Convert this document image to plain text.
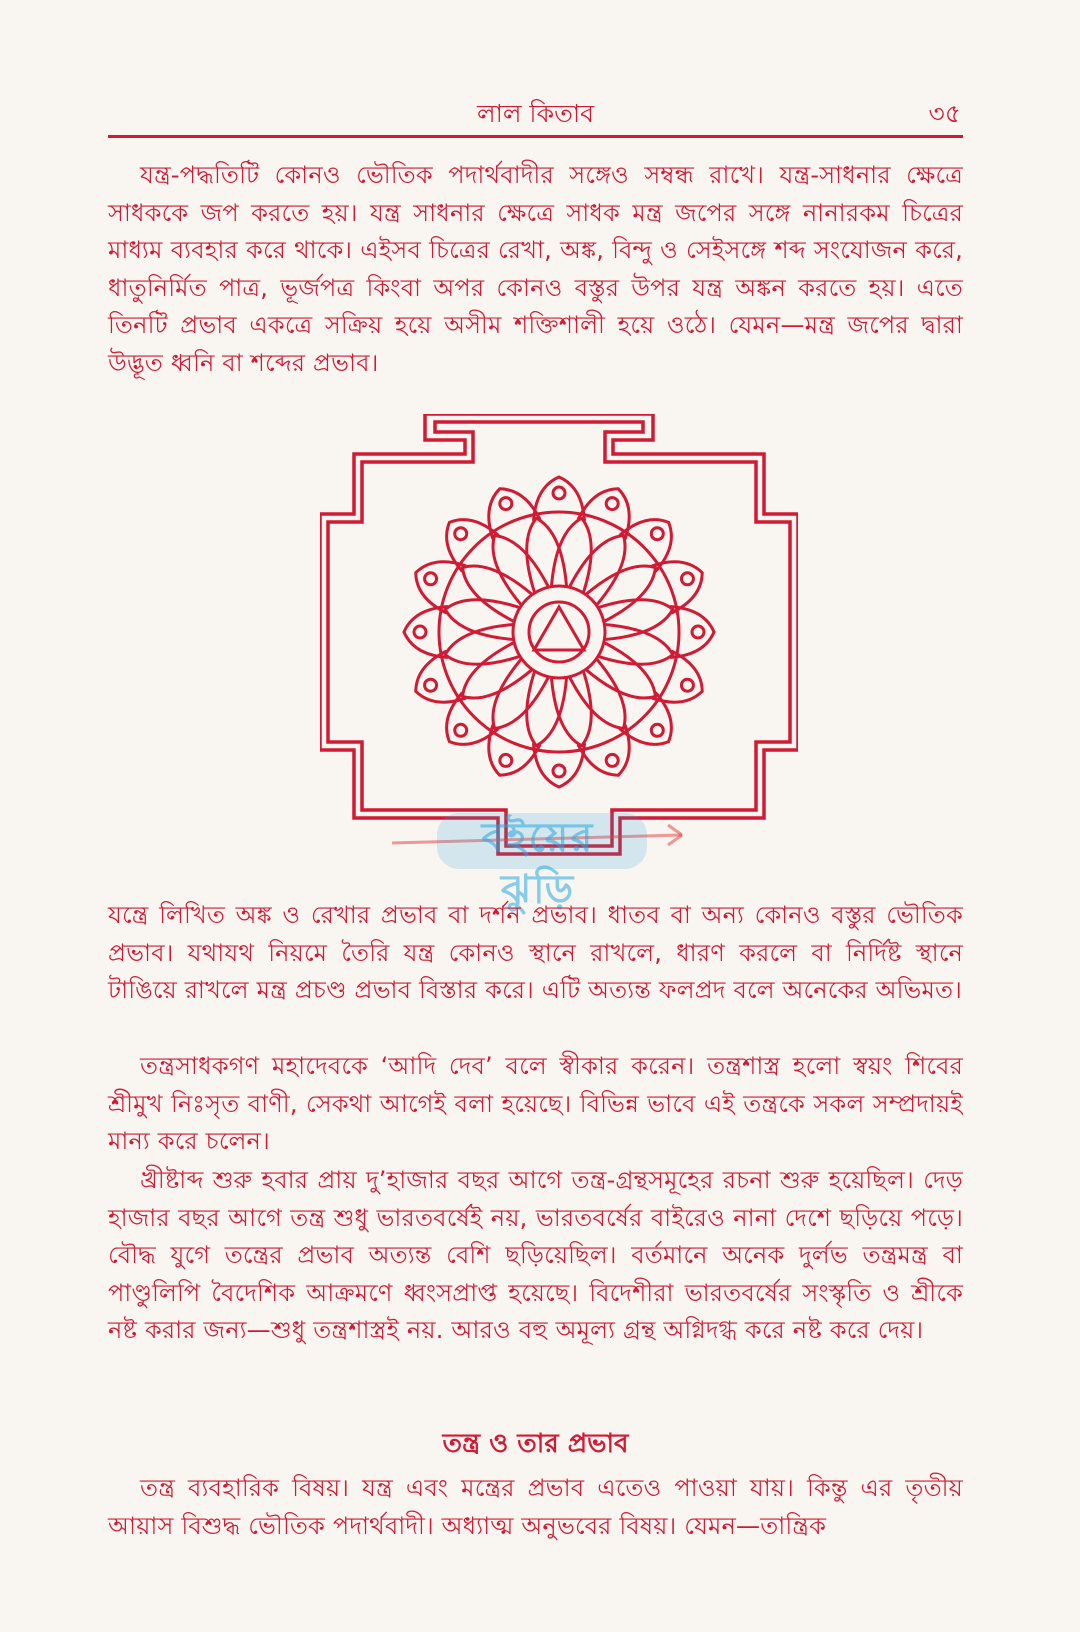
লাল কিতাব	৩৫

যন্ত্র-পদ্ধতিটি কোনও ভৌতিক পদার্থবাদীর সঙ্গেও সম্বন্ধ রাখে। যন্ত্র-সাধনার ক্ষেত্রে সাধককে জপ করতে হয়। যন্ত্র সাধনার ক্ষেত্রে সাধক মন্ত্র জপের সঙ্গে নানারকম চিত্রের মাধ্যম ব্যবহার করে থাকে। এইসব চিত্রের রেখা, অঙ্ক, বিন্দু ও সেইসঙ্গে শব্দ সংযোজন করে, ধাতুনির্মিত পাত্র, ভূর্জপত্র কিংবা অপর কোনও বস্তুর উপর যন্ত্র অঙ্কন করতে হয়। এতে তিনটি প্রভাব একত্রে সক্রিয় হয়ে অসীম শক্তিশালী হয়ে ওঠে। যেমন—মন্ত্র জপের দ্বারা উদ্ভূত ধ্বনি বা শব্দের প্রভাব।

বইয়ের ঝুড়ি

যন্ত্রে লিখিত অঙ্ক ও রেখার প্রভাব বা দর্শন প্রভাব। ধাতব বা অন্য কোনও বস্তুর ভৌতিক প্রভাব। যথাযথ নিয়মে তৈরি যন্ত্র কোনও স্থানে রাখলে, ধারণ করলে বা নির্দিষ্ট স্থানে টাঙিয়ে রাখলে মন্ত্র প্রচণ্ড প্রভাব বিস্তার করে। এটি অত্যন্ত ফলপ্রদ বলে অনেকের অভিমত।

তন্ত্রসাধকগণ মহাদেবকে ‘আদি দেব’ বলে স্বীকার করেন। তন্ত্রশাস্ত্র হলো স্বয়ং শিবের শ্রীমুখ নিঃসৃত বাণী, সেকথা আগেই বলা হয়েছে। বিভিন্ন ভাবে এই তন্ত্রকে সকল সম্প্রদায়ই মান্য করে চলেন।

খ্রীষ্টাব্দ শুরু হবার প্রায় দু’হাজার বছর আগে তন্ত্র-গ্রন্থসমূহের রচনা শুরু হয়েছিল। দেড় হাজার বছর আগে তন্ত্র শুধু ভারতবর্ষেই নয়, ভারতবর্ষের বাইরেও নানা দেশে ছড়িয়ে পড়ে। বৌদ্ধ যুগে তন্ত্রের প্রভাব অত্যন্ত বেশি ছড়িয়েছিল। বর্তমানে অনেক দুর্লভ তন্ত্রমন্ত্র বা পাণ্ডুলিপি বৈদেশিক আক্রমণে ধ্বংসপ্রাপ্ত হয়েছে। বিদেশীরা ভারতবর্ষের সংস্কৃতি ও শ্রীকে নষ্ট করার জন্য—শুধু তন্ত্রশাস্ত্রই নয়. আরও বহু অমূল্য গ্রন্থ অগ্নিদগ্ধ করে নষ্ট করে দেয়।

তন্ত্র ও তার প্রভাব

তন্ত্র ব্যবহারিক বিষয়। যন্ত্র এবং মন্ত্রের প্রভাব এতেও পাওয়া যায়। কিন্তু এর তৃতীয় আয়াস বিশুদ্ধ ভৌতিক পদার্থবাদী। অধ্যাত্ম অনুভবের বিষয়। যেমন—তান্ত্রিক
